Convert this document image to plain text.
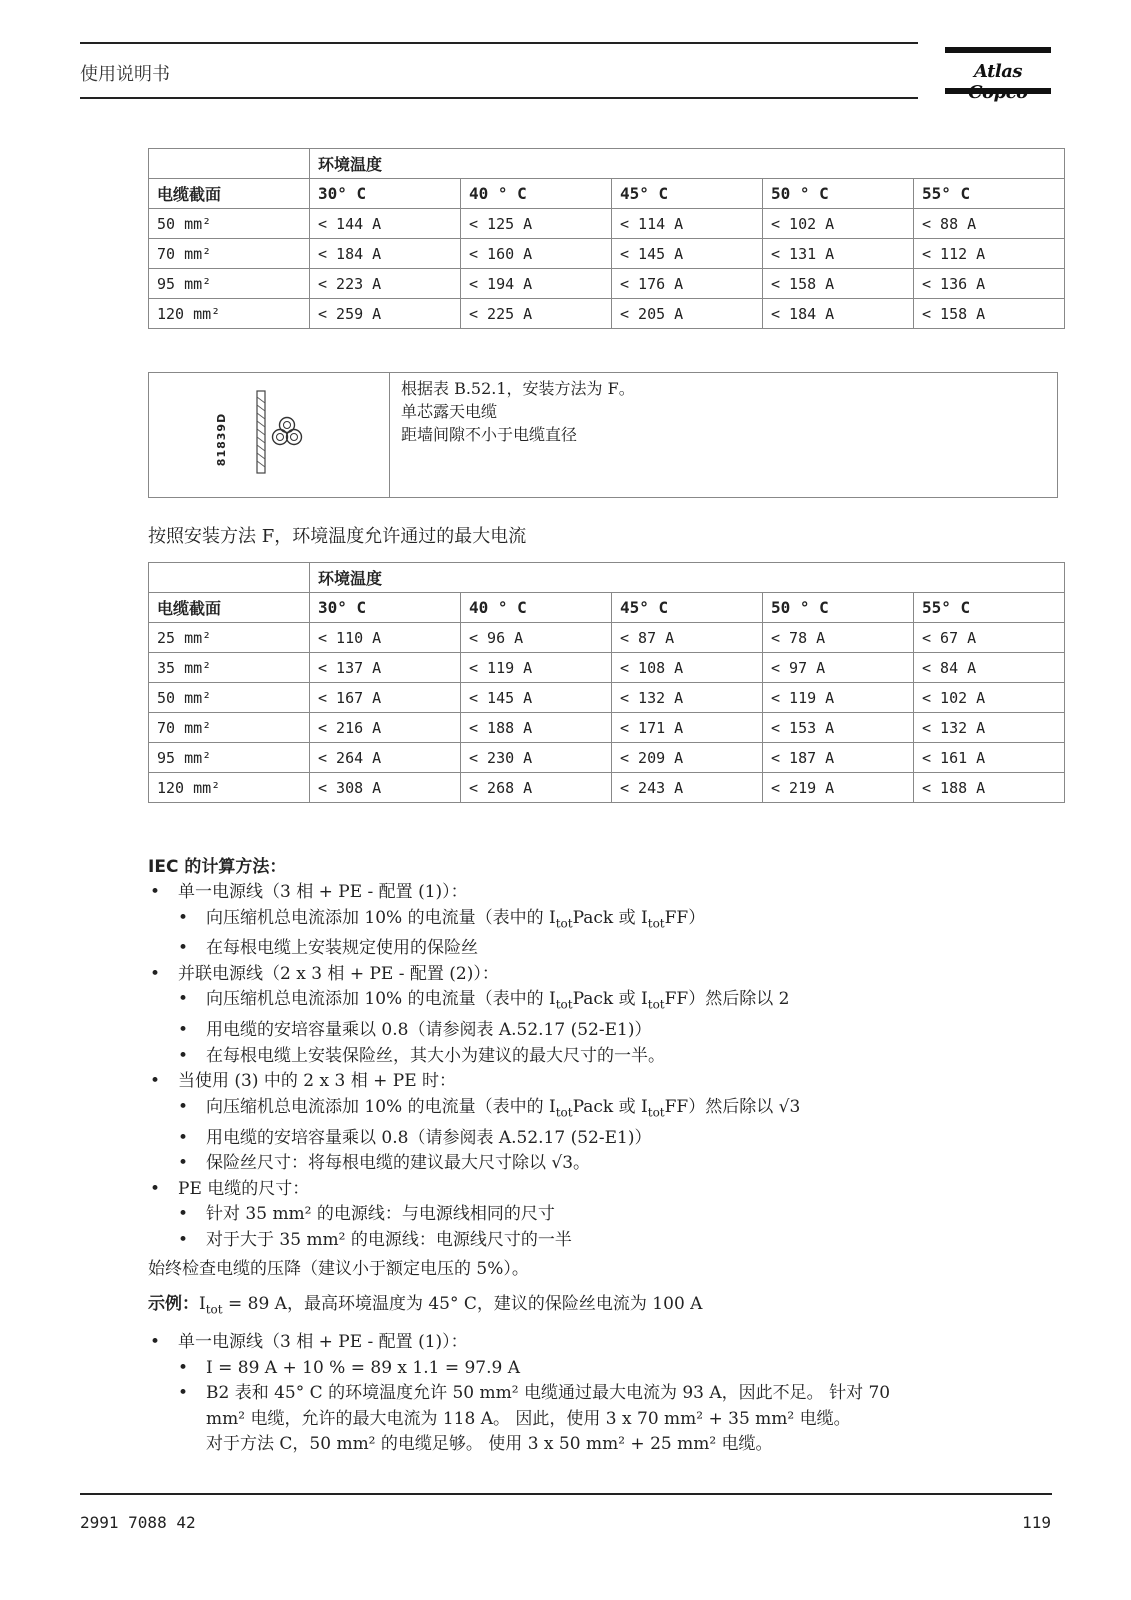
使用说明书	Atlas
	环境温度				
电缆截面	30° C	40 ° C	45° C	50 ° C	55° C
50 mm²	< 144 A	< 125 A	< 114 A	< 102 A	< 88 A
70 mm²	< 184 A	< 160 A	< 145 A	< 131 A	< 112 A
95 mm²	< 223 A	< 194 A	< 176 A	< 158 A	< 136 A
120 mm²	< 259 A	< 225 A	< 205 A	< 184 A	< 158 A
81839D
根据表 B.52.1，安装方法为 F。
单芯露天电缆
距墙间隙不小于电缆直径
按照安装方法 F，环境温度允许通过的最大电流
	环境温度				
电缆截面	30° C	40 ° C	45° C	50 ° C	55° C
25 mm²	< 110 A	< 96 A	< 87 A	< 78 A	< 67 A
35 mm²	< 137 A	< 119 A	< 108 A	< 97 A	< 84 A
50 mm²	< 167 A	< 145 A	< 132 A	< 119 A	< 102 A
70 mm²	< 216 A	< 188 A	< 171 A	< 153 A	< 132 A
95 mm²	< 264 A	< 230 A	< 209 A	< 187 A	< 161 A
120 mm²	< 308 A	< 268 A	< 243 A	< 219 A	< 188 A
IEC 的计算方法：
• 单一电源线（3 相 + PE - 配置 (1)）：
• 向压缩机总电流添加 10% 的电流量（表中的 $I_{tot}Pack$ 或 $I_{tot}FF$）
• 在每根电缆上安装规定使用的保险丝
• 并联电源线（2 x 3 相 + PE - 配置 (2)）：
• 向压缩机总电流添加 10% 的电流量（表中的 $I_{tot}Pack$ 或 $I_{tot}FF$）然后除以 2
• 用电缆的安培容量乘以 0.8（请参阅表 A.52.17 (52-E1)）
• 在每根电缆上安装保险丝，其大小为建议的最大尺寸的一半。
• 当使用 (3) 中的 2 x 3 相 + PE 时：
• 向压缩机总电流添加 10% 的电流量（表中的 $I_{tot}Pack$ 或 $I_{tot}FF$）然后除以 √3
• 用电缆的安培容量乘以 0.8（请参阅表 A.52.17 (52-E1)）
• 保险丝尺寸：将每根电缆的建议最大尺寸除以 √3。
• PE 电缆的尺寸：
• 针对 35 mm² 的电源线：与电源线相同的尺寸
• 对于大于 35 mm² 的电源线：电源线尺寸的一半
始终检查电缆的压降（建议小于额定电压的 5%）。
示例：$I_{tot} = 89$ A，最高环境温度为 45° C，建议的保险丝电流为 100 A
• 单一电源线（3 相 + PE - 配置 (1)）：
• I = 89 A + 10 % = 89 x 1.1 = 97.9 A
• B2 表和 45° C 的环境温度允许 50 mm² 电缆通过最大电流为 93 A，因此不足。 针对 70
mm² 电缆，允许的最大电流为 118 A。 因此，使用 3 x 70 mm² + 35 mm² 电缆。
对于方法 C，50 mm² 的电缆足够。 使用 3 x 50 mm² + 25 mm² 电缆。
2991 7088 42	119
